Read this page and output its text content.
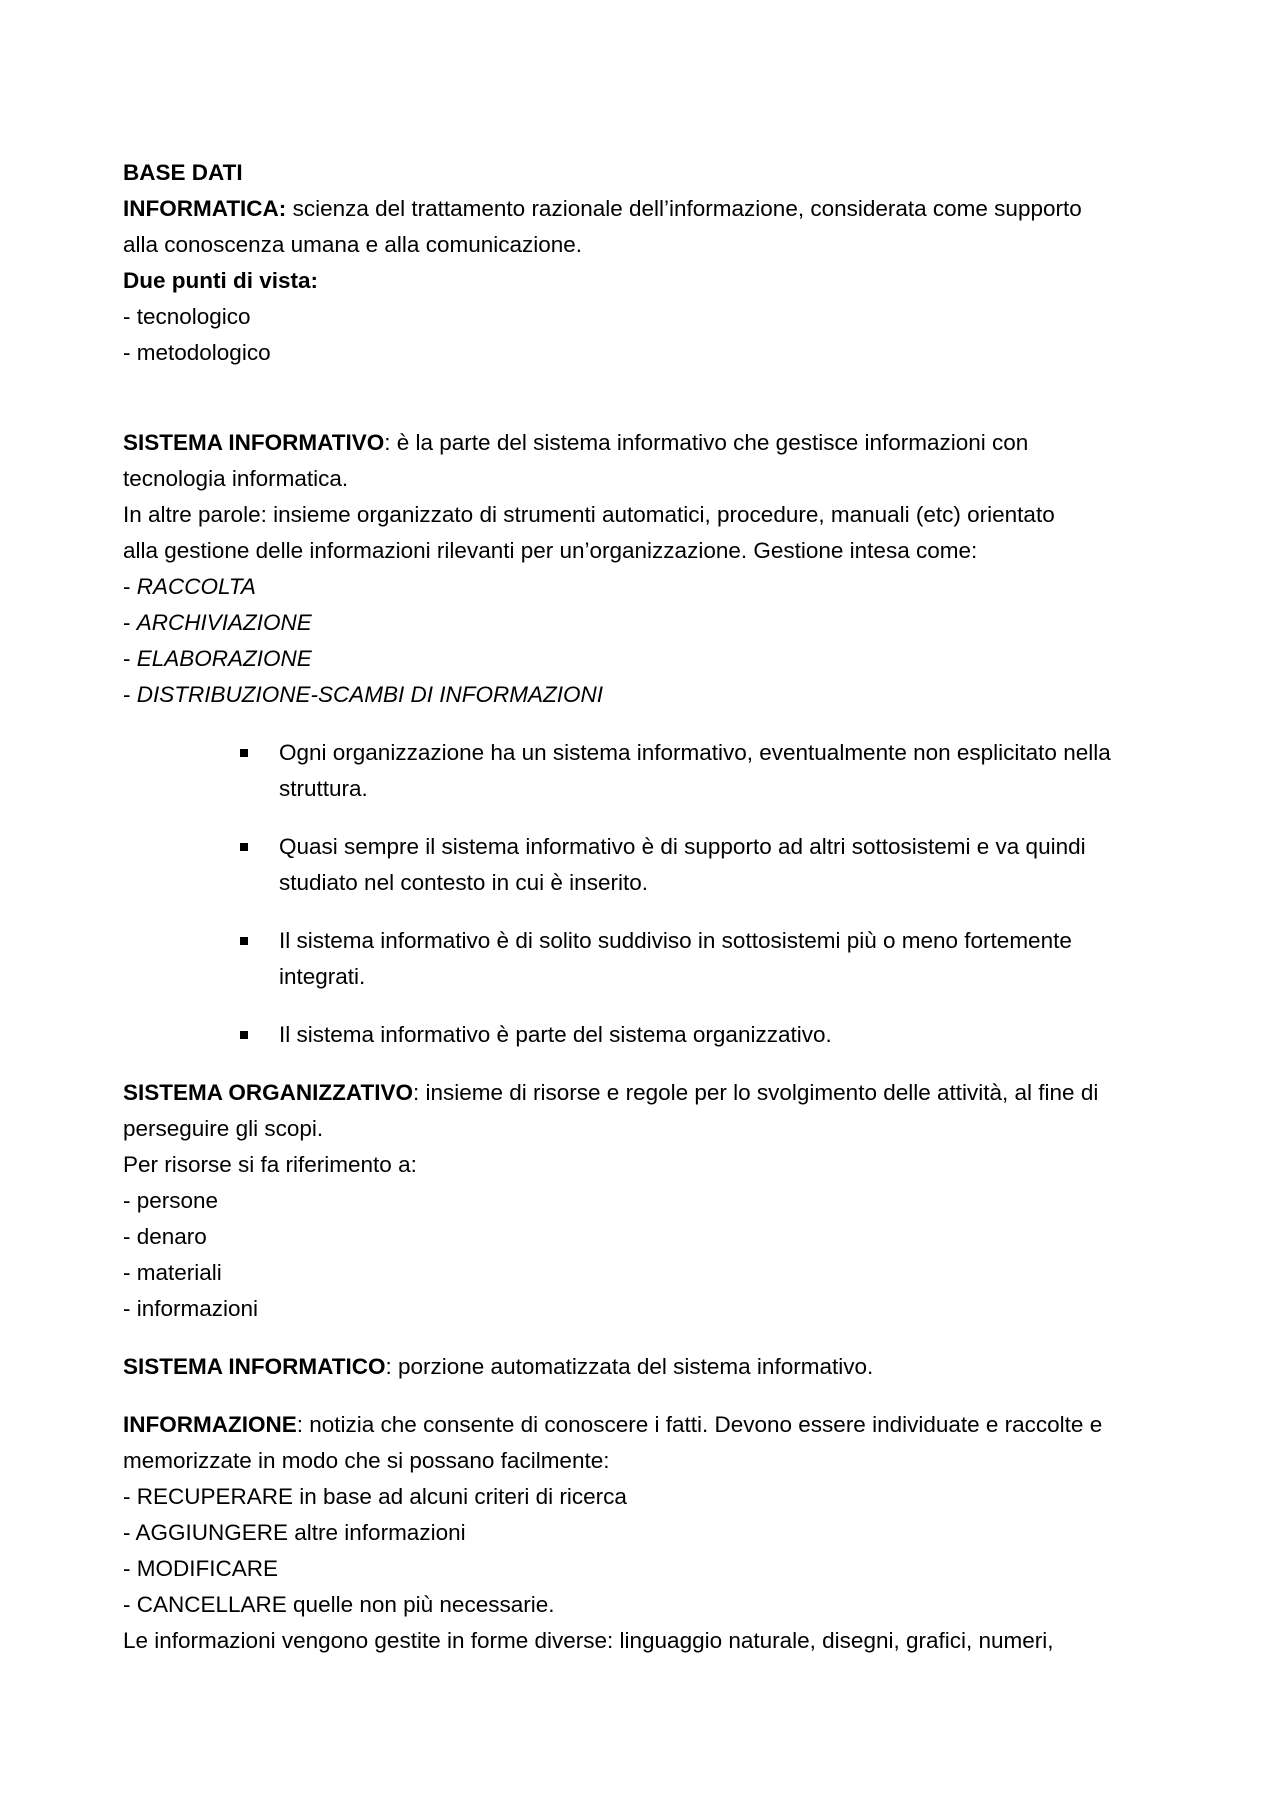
BASE DATI
INFORMATICA: scienza del trattamento razionale dell’informazione, considerata come supporto
alla conoscenza umana e alla comunicazione.
Due punti di vista:
- tecnologico
- metodologico
SISTEMA INFORMATIVO: è la parte del sistema informativo che gestisce informazioni con
tecnologia informatica.
In altre parole: insieme organizzato di strumenti automatici, procedure, manuali (etc) orientato
alla gestione delle informazioni rilevanti per un’organizzazione. Gestione intesa come:
- RACCOLTA
- ARCHIVIAZIONE
- ELABORAZIONE
- DISTRIBUZIONE-SCAMBI DI INFORMAZIONI
Ogni organizzazione ha un sistema informativo, eventualmente non esplicitato nella
struttura.
Quasi sempre il sistema informativo è di supporto ad altri sottosistemi e va quindi
studiato nel contesto in cui è inserito.
Il sistema informativo è di solito suddiviso in sottosistemi più o meno fortemente
integrati.
Il sistema informativo è parte del sistema organizzativo.
SISTEMA ORGANIZZATIVO: insieme di risorse e regole per lo svolgimento delle attività, al fine di
perseguire gli scopi.
Per risorse si fa riferimento a:
- persone
- denaro
- materiali
- informazioni
SISTEMA INFORMATICO: porzione automatizzata del sistema informativo.
INFORMAZIONE: notizia che consente di conoscere i fatti. Devono essere individuate e raccolte e
memorizzate in modo che si possano facilmente:
- RECUPERARE in base ad alcuni criteri di ricerca
- AGGIUNGERE altre informazioni
- MODIFICARE
- CANCELLARE quelle non più necessarie.
Le informazioni vengono gestite in forme diverse: linguaggio naturale, disegni, grafici, numeri,
